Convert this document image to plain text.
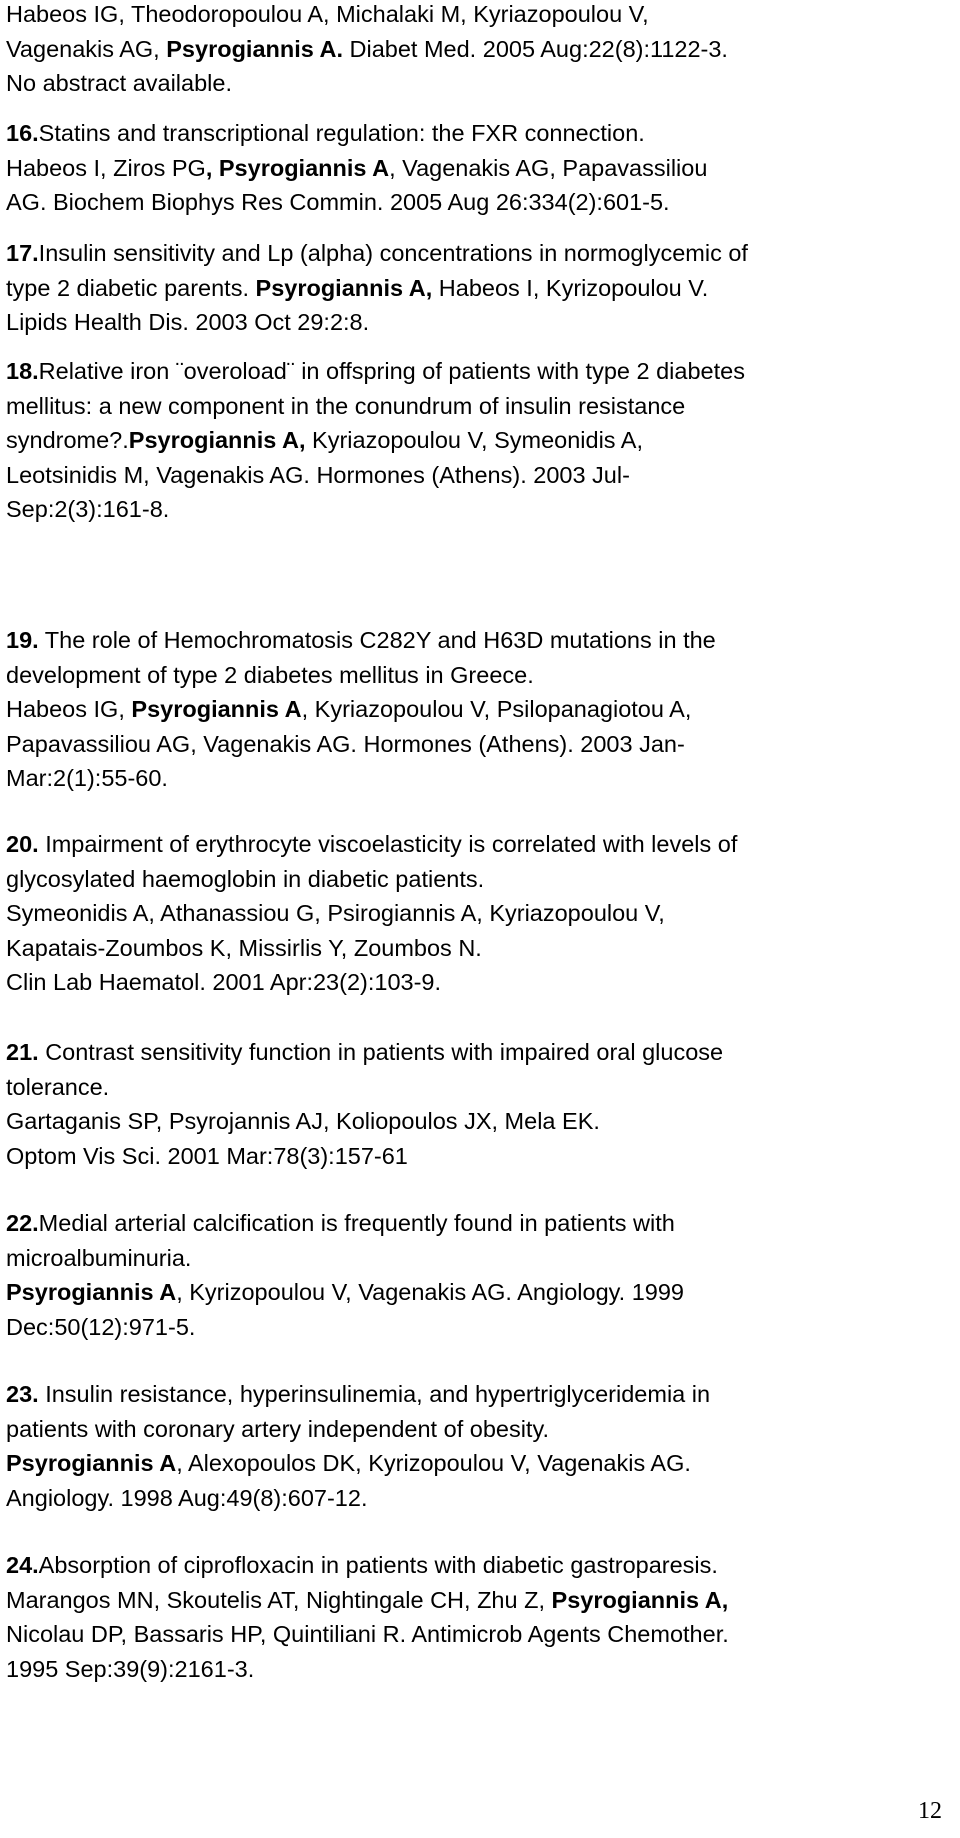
Habeos IG, Theodoropoulou A, Michalaki M, Kyriazopoulou V,

Vagenakis AG, Psyrogiannis A. Diabet Med. 2005 Aug:22(8):1122-3.

No abstract available.

16.Statins and transcriptional regulation: the FXR connection.

Habeos I, Ziros PG, Psyrogiannis A, Vagenakis AG, Papavassiliou

AG. Biochem Biophys Res Commin. 2005 Aug 26:334(2):601-5.

17.Insulin sensitivity and Lp (alpha) concentrations in normoglycemic of

type 2 diabetic parents. Psyrogiannis A, Habeos I, Kyrizopoulou V.

Lipids Health Dis. 2003 Oct 29:2:8.

18.Relative iron ¨overoload¨ in offspring of patients with type 2 diabetes

mellitus: a new component in the conundrum of insulin resistance

syndrome?.Psyrogiannis A, Kyriazopoulou V, Symeonidis A,

Leotsinidis M, Vagenakis AG. Hormones (Athens). 2003 Jul-

Sep:2(3):161-8.

19. The role of Hemochromatosis C282Y and H63D mutations in the

development of type 2 diabetes mellitus in Greece.

Habeos IG, Psyrogiannis A, Kyriazopoulou V, Psilopanagiotou A,

Papavassiliou AG, Vagenakis AG. Hormones (Athens). 2003 Jan-

Mar:2(1):55-60.

20. Impairment of erythrocyte viscoelasticity is correlated with levels of

glycosylated haemoglobin in diabetic patients.

Symeonidis A, Athanassiou G, Psirogiannis A, Kyriazopoulou V,

Kapatais-Zoumbos K, Missirlis Y, Zoumbos N.

Clin Lab Haematol. 2001 Apr:23(2):103-9.

21. Contrast sensitivity function in patients with impaired oral glucose

tolerance.

Gartaganis SP, Psyrojannis AJ, Koliopoulos JX, Mela EK.

Optom Vis Sci. 2001 Mar:78(3):157-61

22.Medial arterial calcification is frequently found in patients with

microalbuminuria.

Psyrogiannis A, Kyrizopoulou V, Vagenakis AG. Angiology. 1999

Dec:50(12):971-5.

23. Insulin resistance, hyperinsulinemia, and hypertriglyceridemia in

patients with coronary artery independent of obesity.

Psyrogiannis A, Alexopoulos DK, Kyrizopoulou V, Vagenakis AG.

Angiology. 1998 Aug:49(8):607-12.

24.Absorption of ciprofloxacin in patients with diabetic gastroparesis.

Marangos MN, Skoutelis AT, Nightingale CH, Zhu Z, Psyrogiannis A,

Nicolau DP, Bassaris HP, Quintiliani R. Antimicrob Agents Chemother.

1995 Sep:39(9):2161-3.

12
